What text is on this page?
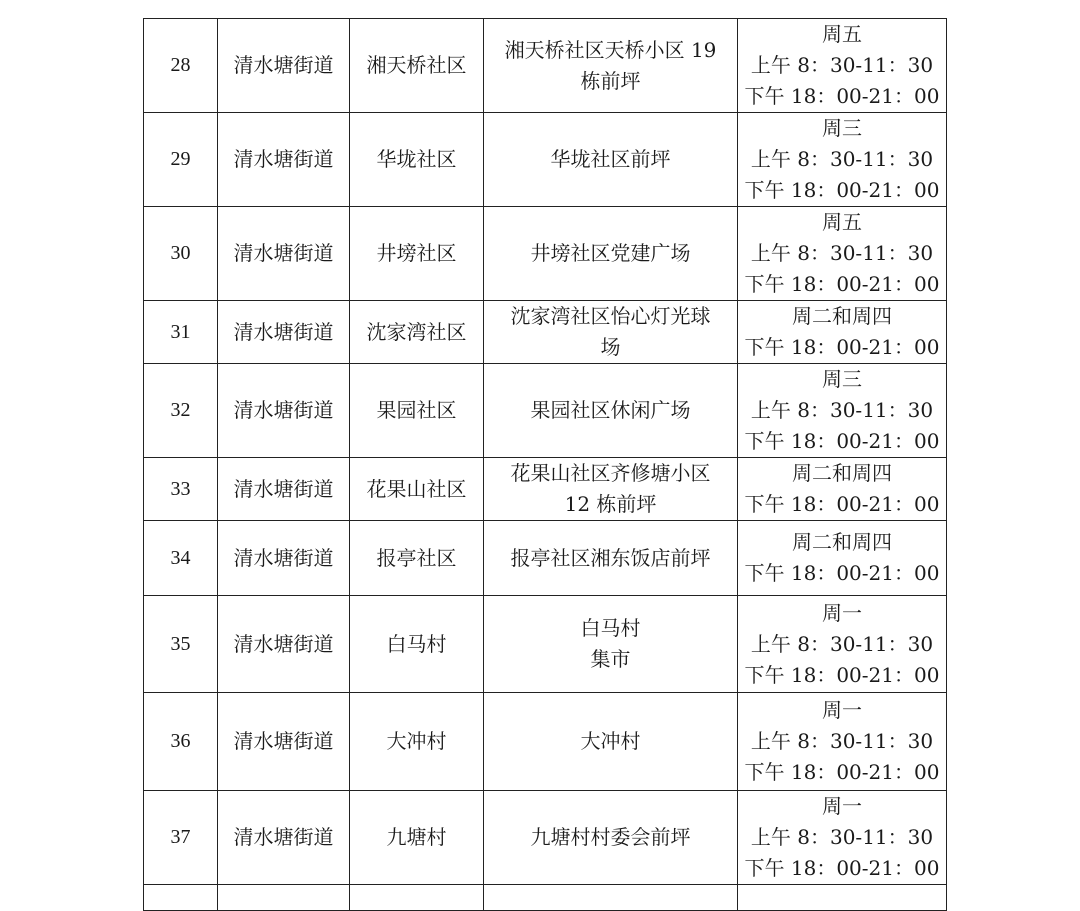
28	清水塘街道	湘天桥社区	湘天桥社区天桥小区 19
栋前坪	周五
上午 8：30-11：30
下午 18：00-21：00

29	清水塘街道	华垅社区	华垅社区前坪	周三
上午 8：30-11：30
下午 18：00-21：00

30	清水塘街道	井塝社区	井塝社区党建广场	周五
上午 8：30-11：30
下午 18：00-21：00

31	清水塘街道	沈家湾社区	沈家湾社区怡心灯光球
场	周二和周四
下午 18：00-21：00

32	清水塘街道	果园社区	果园社区休闲广场	周三
上午 8：30-11：30
下午 18：00-21：00

33	清水塘街道	花果山社区	花果山社区齐修塘小区
12 栋前坪	周二和周四
下午 18：00-21：00

34	清水塘街道	报亭社区	报亭社区湘东饭店前坪	周二和周四
下午 18：00-21：00

35	清水塘街道	白马村	白马村
集市	周一
上午 8：30-11：30
下午 18：00-21：00

36	清水塘街道	大冲村	大冲村	周一
上午 8：30-11：30
下午 18：00-21：00

37	清水塘街道	九塘村	九塘村村委会前坪	周一
上午 8：30-11：30
下午 18：00-21：00
